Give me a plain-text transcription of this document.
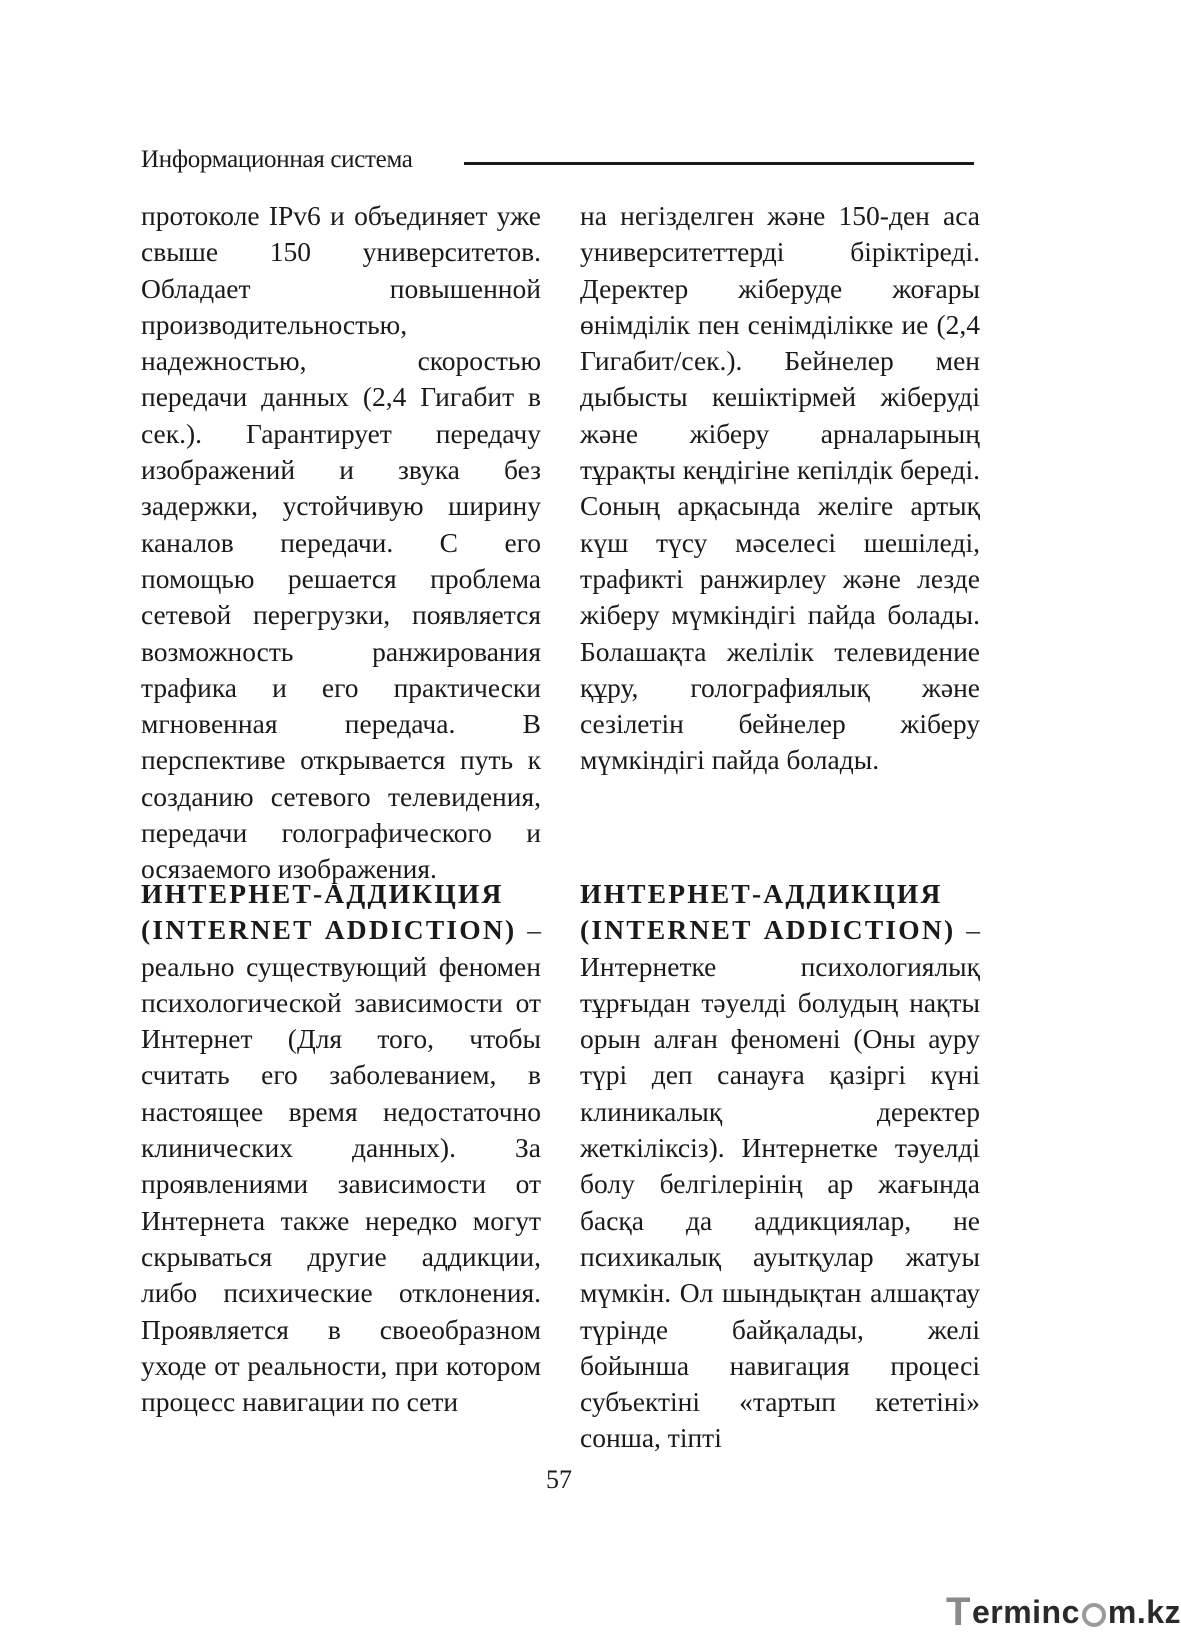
Информационная система

протоколе IPv6 и объединяет уже свыше 150 университетов. Обладает повышенной производительностью, надежностью, скоростью передачи данных (2,4 Гигабит в сек.). Гарантирует передачу изображений и звука без задержки, устойчивую ширину каналов передачи. С его помощью решается проблема сетевой перегрузки, появляется возможность ранжирования трафика и его практически мгновенная передача. В перспективе открывается путь к созданию сетевого телевидения, передачи голографического и осязаемого изображения.

на негізделген және 150-ден аса университеттерді біріктіреді. Деректер жіберуде жоғары өнімділік пен сенімділікке ие (2,4 Гигабит/сек.). Бейнелер мен дыбысты кешіктірмей жіберуді және жіберу арналарының тұрақты кеңдігіне кепілдік береді. Соның арқасында желіге артық күш түсу мәселесі шешіледі, трафикті ранжирлеу және лезде жіберу мүмкіндігі пайда болады. Болашақта желілік телевидение құру, голографиялық және сезілетін бейнелер жіберу мүмкіндігі пайда болады.

ИНТЕРНЕТ-АДДИКЦИЯ (INTERNET ADDICTION) – реально существующий феномен психологической зависимости от Интернет (Для того, чтобы считать его заболеванием, в настоящее время недостаточно клинических данных). За проявлениями зависимости от Интернета также нередко могут скрываться другие аддикции, либо психические отклонения. Проявляется в своеобразном уходе от реальности, при котором процесс навигации по сети

ИНТЕРНЕТ-АДДИКЦИЯ (INTERNET ADDICTION) – Интернетке психологиялық тұрғыдан тәуелді болудың нақты орын алған феномені (Оны ауру түрі деп санауға қазіргі күні клиникалық деректер жеткіліксіз). Интернетке тәуелді болу белгілерінің ар жағында басқа да аддикциялар, не психикалық ауытқулар жатуы мүмкін. Ол шындықтан алшақтау түрінде байқалады, желі бойынша навигация процесі субъектіні «тартып кететіні» сонша, тіпті

57
T ermi nc m.kz
